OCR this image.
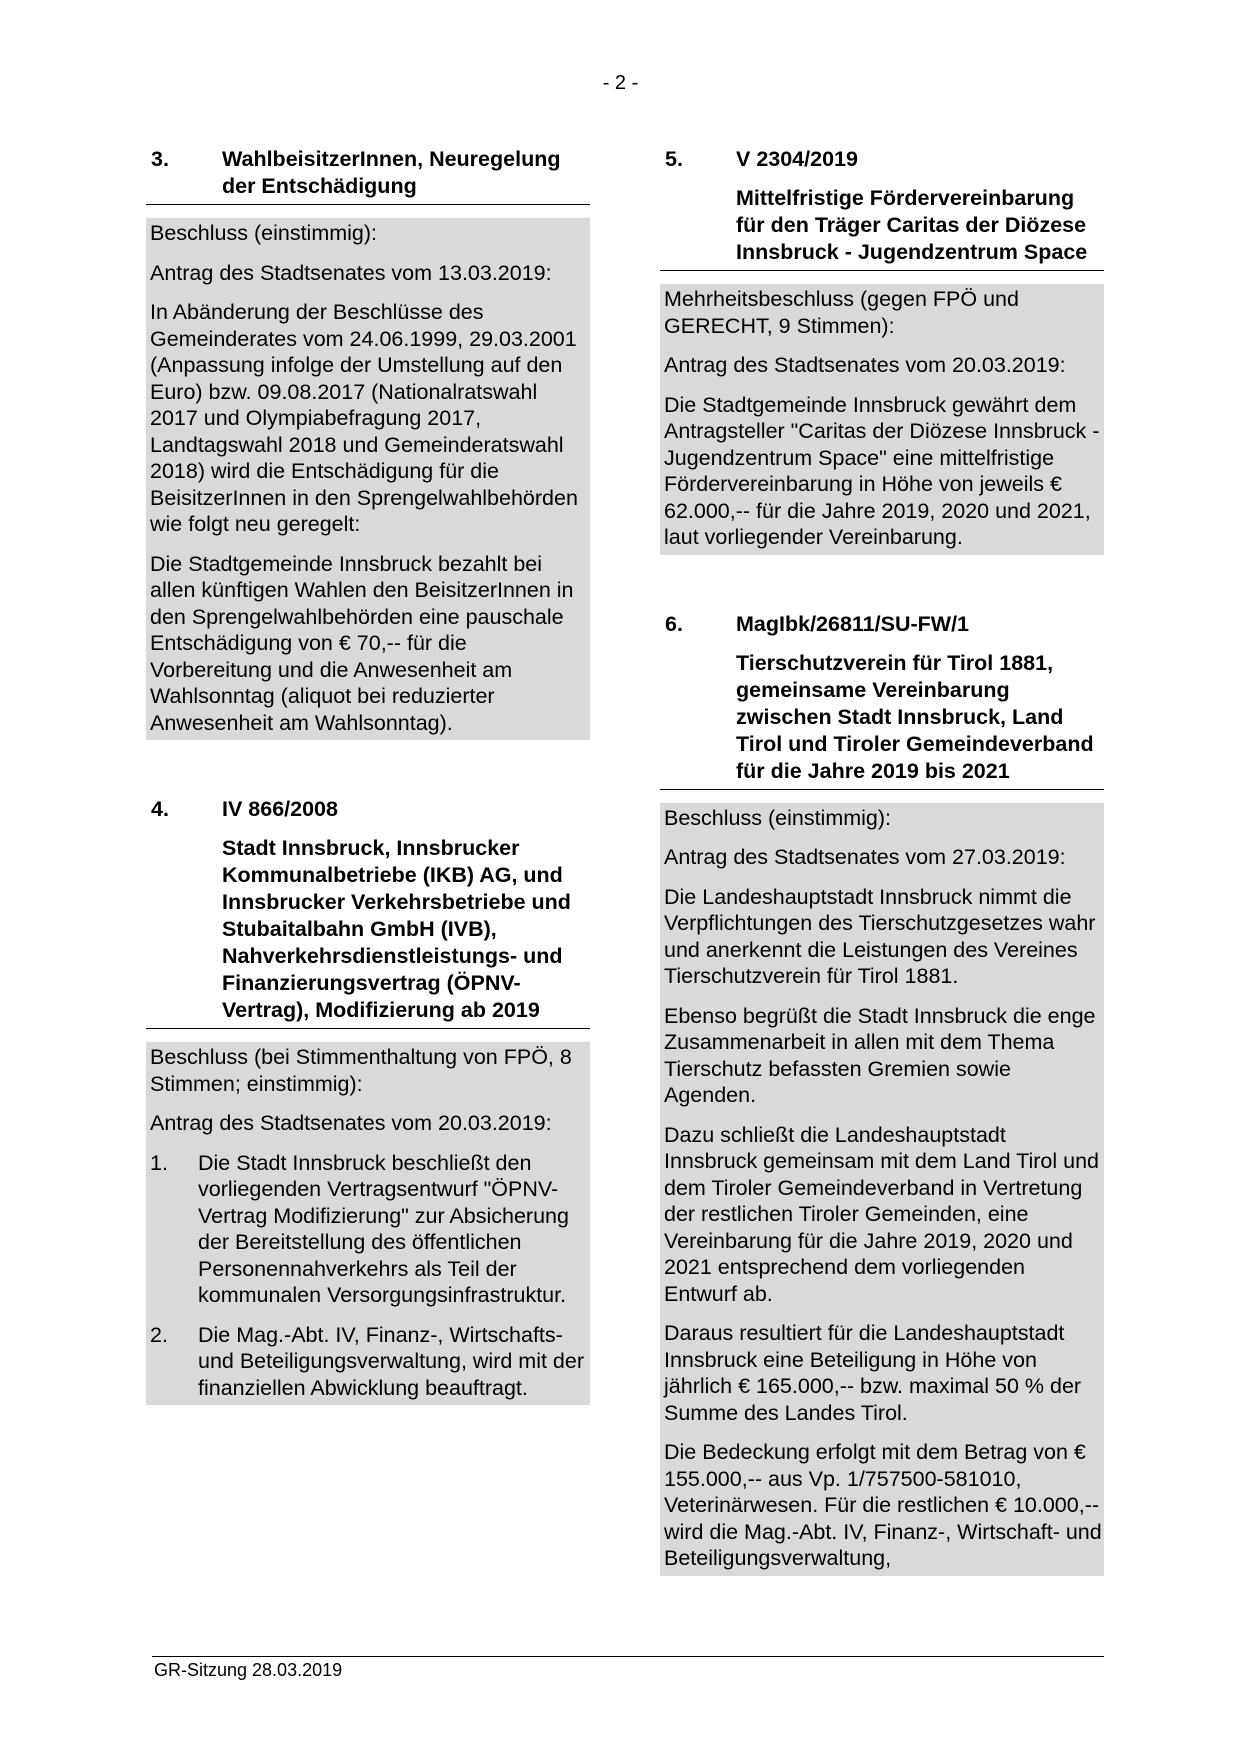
- 2 -
3. WahlbeisitzerInnen, Neuregelung der Entschädigung

Beschluss (einstimmig):

Antrag des Stadtsenates vom 13.03.2019:

In Abänderung der Beschlüsse des Gemeinderates vom 24.06.1999, 29.03.2001 (Anpassung infolge der Umstellung auf den Euro) bzw. 09.08.2017 (Nationalratswahl 2017 und Olympiabefragung 2017, Landtagswahl 2018 und Gemeinderatswahl 2018) wird die Entschädigung für die BeisitzerInnen in den Sprengelwahlbehörden wie folgt neu geregelt:

Die Stadtgemeinde Innsbruck bezahlt bei allen künftigen Wahlen den BeisitzerInnen in den Sprengelwahlbehörden eine pauschale Entschädigung von € 70,-- für die Vorbereitung und die Anwesenheit am Wahlsonntag (aliquot bei reduzierter Anwesenheit am Wahlsonntag).

4. IV 866/2008
Stadt Innsbruck, Innsbrucker Kommunalbetriebe (IKB) AG, und Innsbrucker Verkehrsbetriebe und Stubaitalbahn GmbH (IVB), Nahverkehrsdienstleistungs- und Finanzierungsvertrag (ÖPNV-Vertrag), Modifizierung ab 2019

Beschluss (bei Stimmenthaltung von FPÖ, 8 Stimmen; einstimmig):

Antrag des Stadtsenates vom 20.03.2019:

1. Die Stadt Innsbruck beschließt den vorliegenden Vertragsentwurf "ÖPNV-Vertrag Modifizierung" zur Absicherung der Bereitstellung des öffentlichen Personennahverkehrs als Teil der kommunalen Versorgungsinfrastruktur.
2. Die Mag.-Abt. IV, Finanz-, Wirtschafts- und Beteiligungsverwaltung, wird mit der finanziellen Abwicklung beauftragt.
5. V 2304/2019
Mittelfristige Fördervereinbarung für den Träger Caritas der Diözese Innsbruck - Jugendzentrum Space

Mehrheitsbeschluss (gegen FPÖ und GERECHT, 9 Stimmen):

Antrag des Stadtsenates vom 20.03.2019:

Die Stadtgemeinde Innsbruck gewährt dem Antragsteller "Caritas der Diözese Innsbruck - Jugendzentrum Space" eine mittelfristige Fördervereinbarung in Höhe von jeweils € 62.000,-- für die Jahre 2019, 2020 und 2021, laut vorliegender Vereinbarung.

6. MagIbk/26811/SU-FW/1
Tierschutzverein für Tirol 1881, gemeinsame Vereinbarung zwischen Stadt Innsbruck, Land Tirol und Tiroler Gemeindeverband für die Jahre 2019 bis 2021

Beschluss (einstimmig):

Antrag des Stadtsenates vom 27.03.2019:

Die Landeshauptstadt Innsbruck nimmt die Verpflichtungen des Tierschutzgesetzes wahr und anerkennt die Leistungen des Vereines Tierschutzverein für Tirol 1881.

Ebenso begrüßt die Stadt Innsbruck die enge Zusammenarbeit in allen mit dem Thema Tierschutz befassten Gremien sowie Agenden.

Dazu schließt die Landeshauptstadt Innsbruck gemeinsam mit dem Land Tirol und dem Tiroler Gemeindeverband in Vertretung der restlichen Tiroler Gemeinden, eine Vereinbarung für die Jahre 2019, 2020 und 2021 entsprechend dem vorliegenden Entwurf ab.

Daraus resultiert für die Landeshauptstadt Innsbruck eine Beteiligung in Höhe von jährlich € 165.000,-- bzw. maximal 50 % der Summe des Landes Tirol.

Die Bedeckung erfolgt mit dem Betrag von € 155.000,-- aus Vp. 1/757500-581010, Veterinärwesen. Für die restlichen € 10.000,-- wird die Mag.-Abt. IV, Finanz-, Wirtschaft- und Beteiligungsverwaltung,

GR-Sitzung 28.03.2019
